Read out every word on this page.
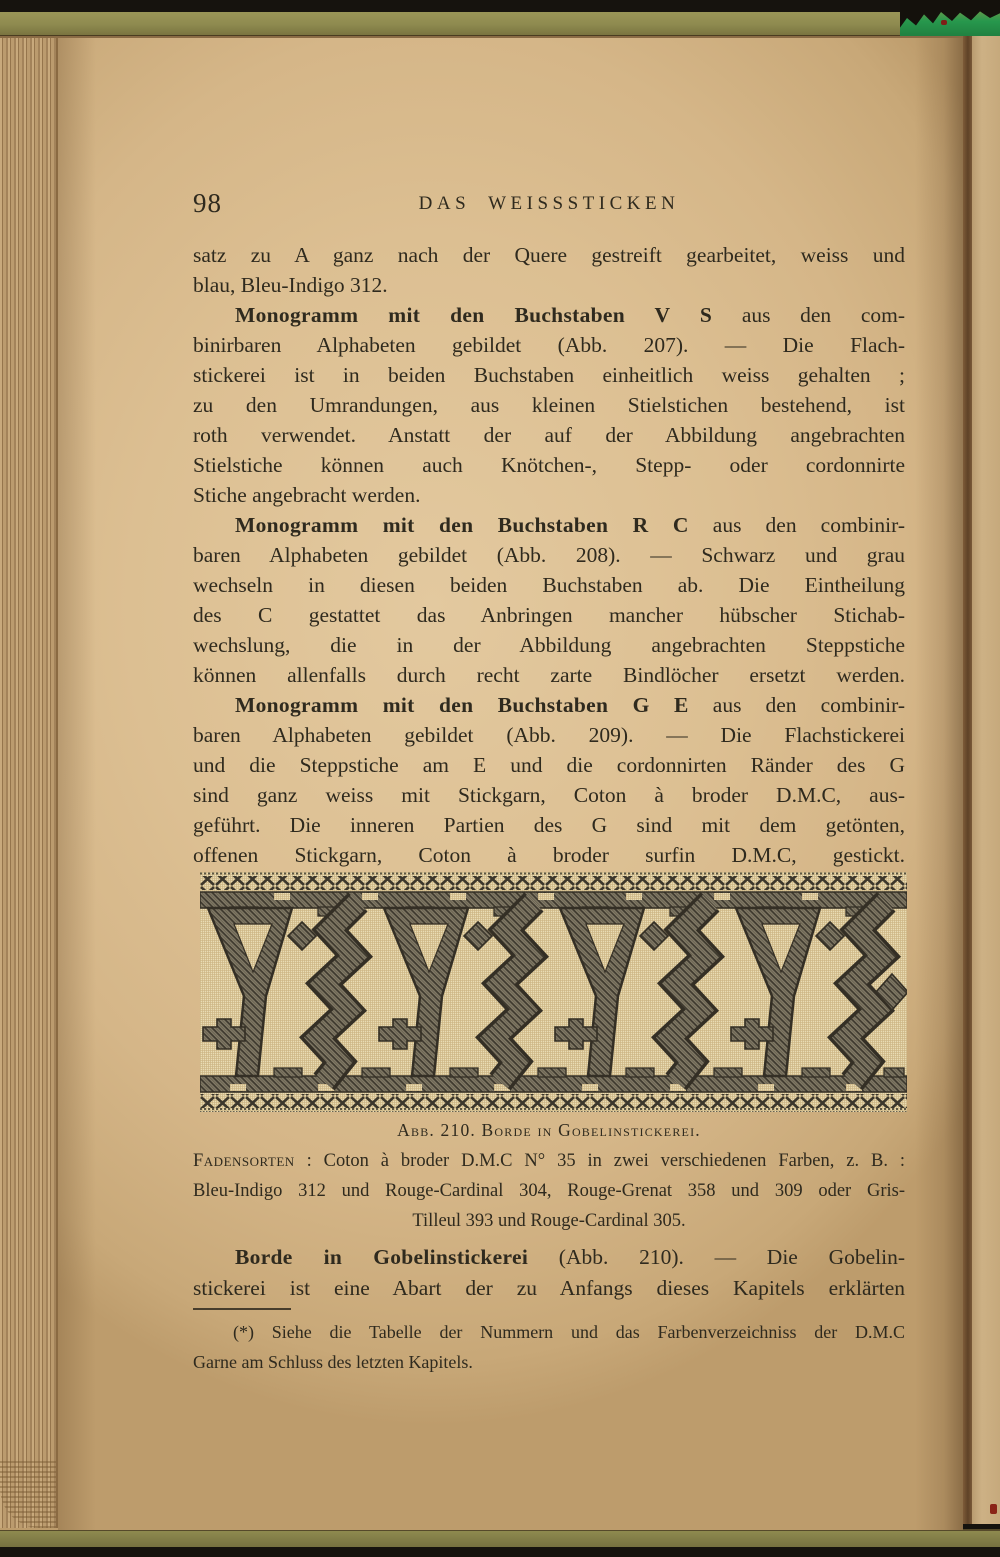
98	DAS WEISSSTICKEN
satz zu A ganz nach der Quere gestreift gearbeitet, weiss und
blau, Bleu-Indigo 312.
Monogramm mit den Buchstaben V S aus den com-
binirbaren Alphabeten gebildet (Abb. 207). — Die Flach-
stickerei ist in beiden Buchstaben einheitlich weiss gehalten ;
zu den Umrandungen, aus kleinen Stielstichen bestehend, ist
roth verwendet. Anstatt der auf der Abbildung angebrachten
Stielstiche können auch Knötchen-, Stepp- oder cordonnirte
Stiche angebracht werden.
Monogramm mit den Buchstaben R C aus den combinir-
baren Alphabeten gebildet (Abb. 208). — Schwarz und grau
wechseln in diesen beiden Buchstaben ab. Die Eintheilung
des C gestattet das Anbringen mancher hübscher Stichab-
wechslung, die in der Abbildung angebrachten Steppstiche
können allenfalls durch recht zarte Bindlöcher ersetzt werden.
Monogramm mit den Buchstaben G E aus den combinir-
baren Alphabeten gebildet (Abb. 209). — Die Flachstickerei
und die Steppstiche am E und die cordonnirten Ränder des G
sind ganz weiss mit Stickgarn, Coton à broder D.M.C, aus-
geführt. Die inneren Partien des G sind mit dem getönten,
offenen Stickgarn, Coton à broder surfin D.M.C, gestickt.
Abb. 210. Borde in Gobelinstickerei.
Fadensorten : Coton à broder D.M.C N° 35 in zwei verschiedenen Farben, z. B. :
Bleu-Indigo 312 und Rouge-Cardinal 304, Rouge-Grenat 358 und 309 oder Gris-
Tilleul 393 und Rouge-Cardinal 305.
Borde in Gobelinstickerei (Abb. 210). — Die Gobelin-
stickerei ist eine Abart der zu Anfangs dieses Kapitels erklärten
(*) Siehe die Tabelle der Nummern und das Farbenverzeichniss der D.M.C
Garne am Schluss des letzten Kapitels.
